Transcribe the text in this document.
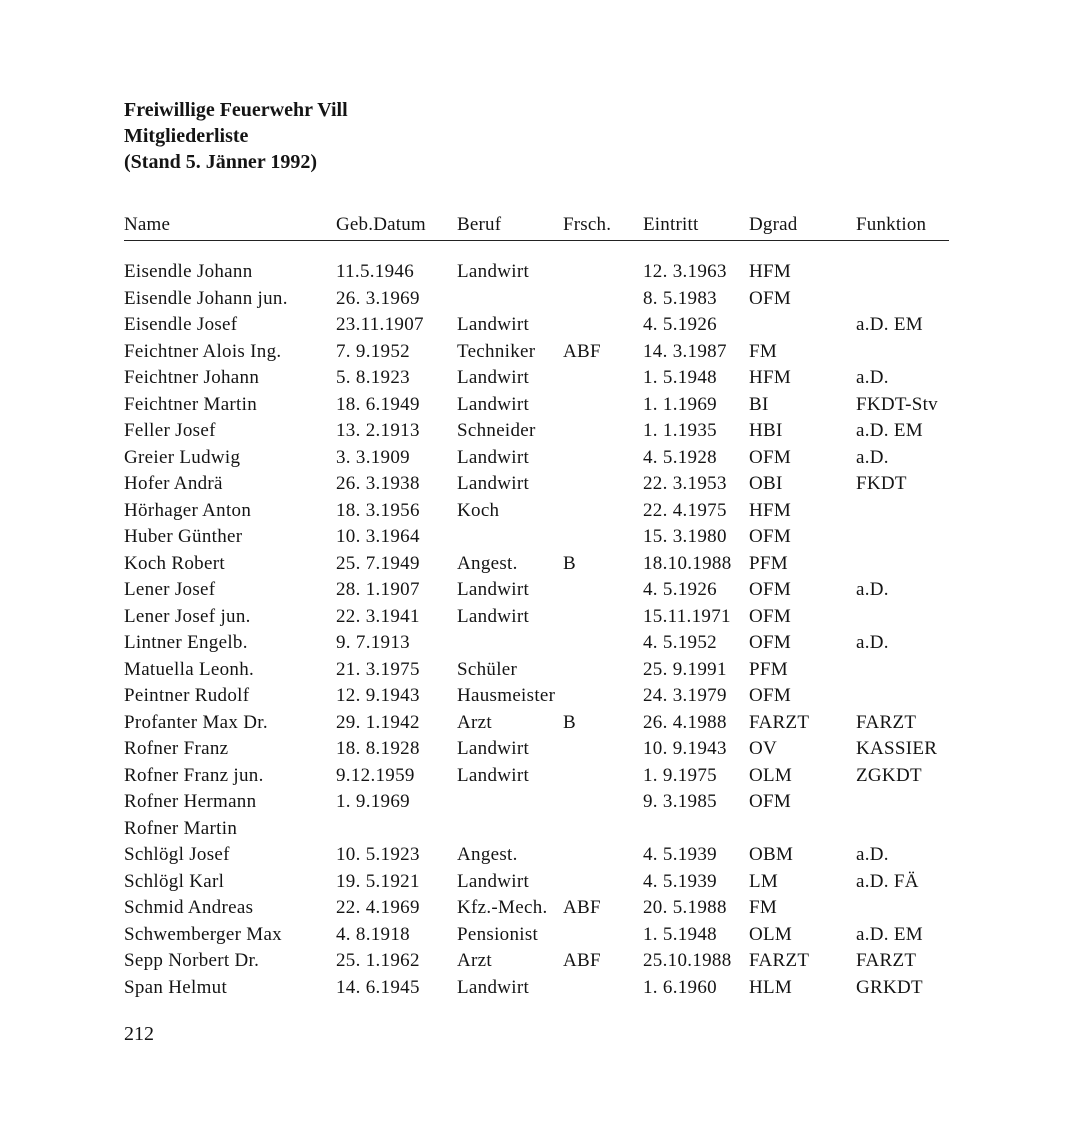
Freiwillige Feuerwehr Vill
Mitgliederliste
(Stand 5. Jänner 1992)
Name	Geb.Datum	Beruf	Frsch.	Eintritt	Dgrad	Funktion
Eisendle Johann	11.5.1946	Landwirt		12. 3.1963	HFM	
Eisendle Johann jun.	26. 3.1969			8. 5.1983	OFM	
Eisendle Josef	23.11.1907	Landwirt		4. 5.1926		a.D. EM
Feichtner Alois Ing.	7. 9.1952	Techniker	ABF	14. 3.1987	FM	
Feichtner Johann	5. 8.1923	Landwirt		1. 5.1948	HFM	a.D.
Feichtner Martin	18. 6.1949	Landwirt		1. 1.1969	BI	FKDT-Stv
Feller Josef	13. 2.1913	Schneider		1. 1.1935	HBI	a.D. EM
Greier Ludwig	3. 3.1909	Landwirt		4. 5.1928	OFM	a.D.
Hofer Andrä	26. 3.1938	Landwirt		22. 3.1953	OBI	FKDT
Hörhager Anton	18. 3.1956	Koch		22. 4.1975	HFM	
Huber Günther	10. 3.1964			15. 3.1980	OFM	
Koch Robert	25. 7.1949	Angest.	B	18.10.1988	PFM	
Lener Josef	28. 1.1907	Landwirt		4. 5.1926	OFM	a.D.
Lener Josef jun.	22. 3.1941	Landwirt		15.11.1971	OFM	
Lintner Engelb.	9. 7.1913			4. 5.1952	OFM	a.D.
Matuella Leonh.	21. 3.1975	Schüler		25. 9.1991	PFM	
Peintner Rudolf	12. 9.1943	Hausmeister		24. 3.1979	OFM	
Profanter Max Dr.	29. 1.1942	Arzt	B	26. 4.1988	FARZT	FARZT
Rofner Franz	18. 8.1928	Landwirt		10. 9.1943	OV	KASSIER
Rofner Franz jun.	9.12.1959	Landwirt		1. 9.1975	OLM	ZGKDT
Rofner Hermann	1. 9.1969			9. 3.1985	OFM	
Rofner Martin						
Schlögl Josef	10. 5.1923	Angest.		4. 5.1939	OBM	a.D.
Schlögl Karl	19. 5.1921	Landwirt		4. 5.1939	LM	a.D. FÄ
Schmid Andreas	22. 4.1969	Kfz.-Mech.	ABF	20. 5.1988	FM	
Schwemberger Max	4. 8.1918	Pensionist		1. 5.1948	OLM	a.D. EM
Sepp Norbert Dr.	25. 1.1962	Arzt	ABF	25.10.1988	FARZT	FARZT
Span Helmut	14. 6.1945	Landwirt		1. 6.1960	HLM	GRKDT
212
